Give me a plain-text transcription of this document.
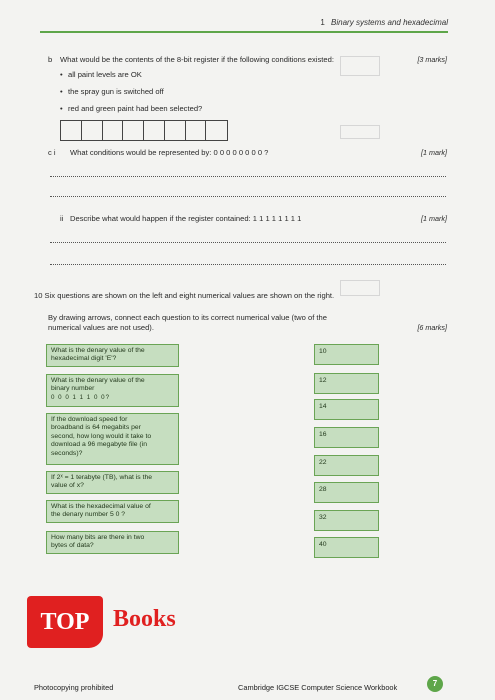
1 Binary systems and hexadecimal
b What would be the contents of the 8-bit register if the following conditions existed:	[3 marks]
• all paint levels are OK
• the spray gun is switched off
• red and green paint had been selected?
c i What conditions would be represented by: 0 0 0 0 0 0 0 0 ?	[1 mark]
ii Describe what would happen if the register contained: 1 1 1 1 1 1 1 1	[1 mark]
10 Six questions are shown on the left and eight numerical values are shown on the right.
By drawing arrows, connect each question to its correct numerical value (two of the
numerical values are not used).	[6 marks]
What is the denary value of the
hexadecimal digit 'E'?
What is the denary value of the
binary number
0 0 0 1 1 1 0 0?
If the download speed for
broadband is 64 megabits per
second, how long would it take to
download a 96 megabyte file (in
seconds)?
If 2ˣ = 1 terabyte (TB), what is the
value of x?
What is the hexadecimal value of
the denary number 5 0 ?
How many bits are there in two
bytes of data?
10
12
14
16
22
28
32
40
TOP Books
Photocopying prohibited	Cambridge IGCSE Computer Science Workbook	7
